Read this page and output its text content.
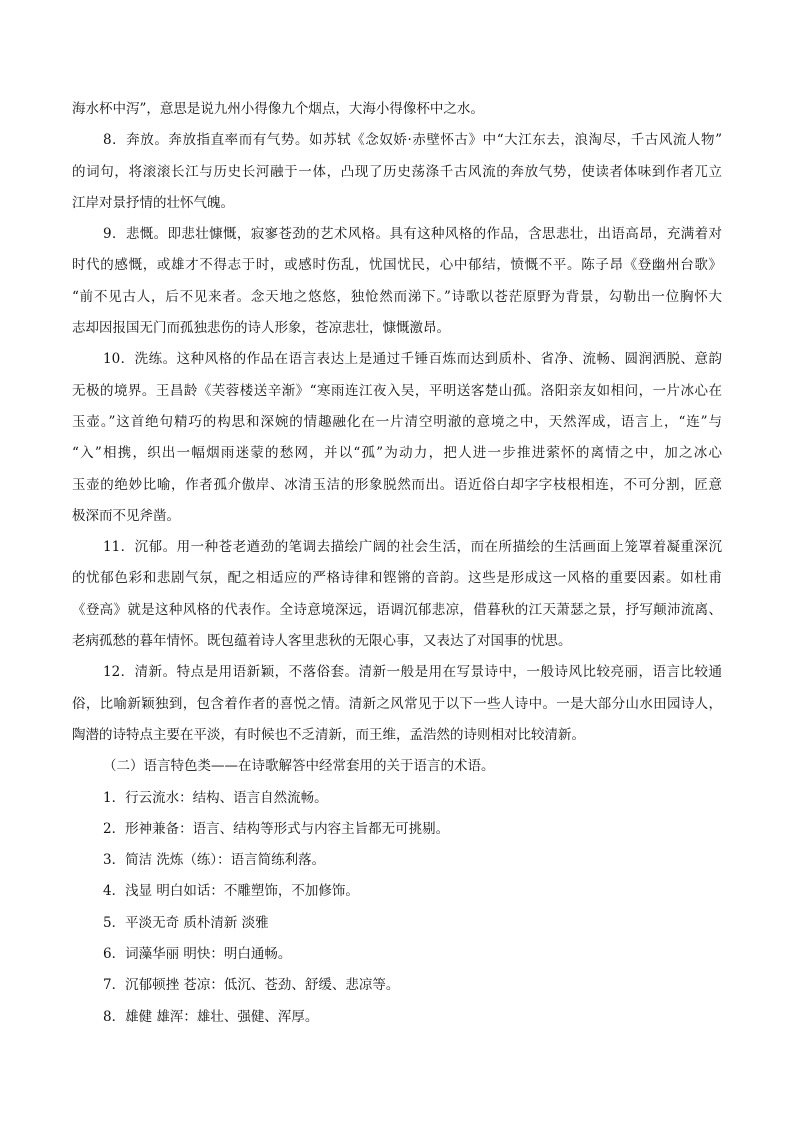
海水杯中泻”，意思是说九州小得像九个烟点，大海小得像杯中之水。
8．奔放。奔放指直率而有气势。如苏轼《念奴娇·赤壁怀古》中“大江东去，浪淘尽，千古风流人物”
的词句，将滚滚长江与历史长河融于一体，凸现了历史荡涤千古风流的奔放气势，使读者体味到作者兀立
江岸对景抒情的壮怀气魄。
9．悲慨。即悲壮慷慨，寂寥苍劲的艺术风格。具有这种风格的作品，含思悲壮，出语高昂，充满着对
时代的感慨，或雄才不得志于时，或感时伤乱，忧国忧民，心中郁结，愤慨不平。陈子昂《登幽州台歌》
“前不见古人，后不见来者。念天地之悠悠，独怆然而涕下。”诗歌以苍茫原野为背景，勾勒出一位胸怀大
志却因报国无门而孤独悲伤的诗人形象，苍凉悲壮，慷慨激昂。
10．洗练。这种风格的作品在语言表达上是通过千锤百炼而达到质朴、省净、流畅、圆润洒脱、意韵
无极的境界。王昌龄《芙蓉楼送辛渐》“寒雨连江夜入吴，平明送客楚山孤。洛阳亲友如相问，一片冰心在
玉壶。”这首绝句精巧的构思和深婉的情趣融化在一片清空明澈的意境之中，天然浑成，语言上，“连”与
“入”相携，织出一幅烟雨迷蒙的愁网，并以“孤”为动力，把人进一步推进萦怀的离情之中，加之冰心
玉壶的绝妙比喻，作者孤介傲岸、冰清玉洁的形象脱然而出。语近俗白却字字枝根相连，不可分割，匠意
极深而不见斧凿。
11．沉郁。用一种苍老遒劲的笔调去描绘广阔的社会生活，而在所描绘的生活画面上笼罩着凝重深沉
的忧郁色彩和悲剧气氛，配之相适应的严格诗律和铿锵的音韵。这些是形成这一风格的重要因素。如杜甫
《登高》就是这种风格的代表作。全诗意境深远，语调沉郁悲凉，借暮秋的江天萧瑟之景，抒写颠沛流离、
老病孤愁的暮年情怀。既包蕴着诗人客里悲秋的无限心事，又表达了对国事的忧思。
12．清新。特点是用语新颖，不落俗套。清新一般是用在写景诗中，一般诗风比较亮丽，语言比较通
俗，比喻新颖独到，包含着作者的喜悦之情。清新之风常见于以下一些人诗中。一是大部分山水田园诗人，
陶潜的诗特点主要在平淡，有时候也不乏清新，而王维，孟浩然的诗则相对比较清新。
（二）语言特色类——在诗歌解答中经常套用的关于语言的术语。
1．行云流水：结构、语言自然流畅。
2．形神兼备：语言、结构等形式与内容主旨都无可挑剔。
3．简洁 洗炼（练）：语言简练利落。
4．浅显 明白如话：不雕塑饰，不加修饰。
5．平淡无奇 质朴清新 淡雅
6．词藻华丽 明快：明白通畅。
7．沉郁顿挫 苍凉：低沉、苍劲、舒缓、悲凉等。
8．雄健 雄浑：雄壮、强健、浑厚。
